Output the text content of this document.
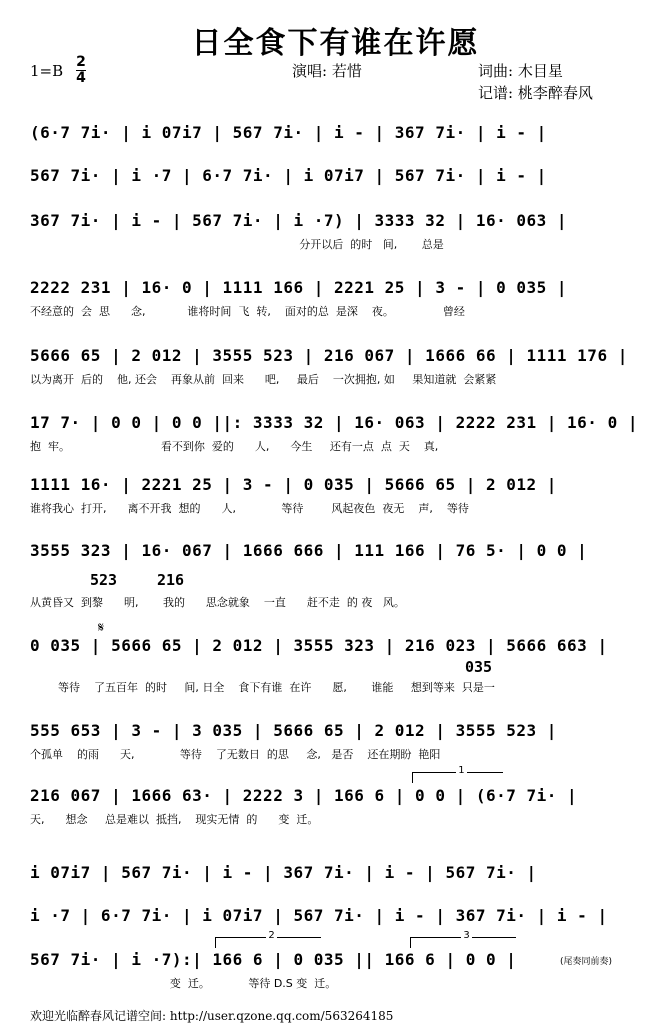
日全食下有谁在许愿
1=B 2
4	演唱: 若惜	词曲: 木目星
记谱: 桃李醉春风
(6·7 7i· | i 07i7 | 567 7i· | i - | 367 7i· | i - |
567 7i· | i ·7 | 6·7 7i· | i 07i7 | 567 7i· | i - |
367 7i· | i - | 567 7i· | i ·7) | 3333 32 | 16· 063 |
分开以后  的时   间,       总是
2222 231 | 16· 0 | 1111 166 | 2221 25 | 3 - | 0 035 |
不经意的  会  思      念,            谁将时间  飞  转,    面对的总  是深    夜。              曾经
5666 65 | 2 012 | 3555 523 | 216 067 | 1666 66 | 1111 176 |
以为离开  后的    他, 还会    再象从前  回来      吧,     最后    一次拥抱, 如     果知道就  会紧紧
17 7· | 0 0 | 0 0 ||: 3333 32 | 16· 063 | 2222 231 | 16· 0 |
抱  牢。                          看不到你  爱的      人,      今生     还有一点  点  天    真,
1111 16· | 2221 25 | 3 - | 0 035 | 5666 65 | 2 012 |
谁将我心  打开,      离不开我  想的      人,             等待        风起夜色  夜无    声,    等待
3555 323 | 16· 067 | 1666 666 | 111 166 | 76 5· | 0 0 |
从黄昏又  到黎      明,       我的      思念就象    一直      赶不走  的 夜   风。
523	216
𝄋
0 035 | 5666 65 | 2 012 | 3555 323 | 216 023 | 5666 663 |
等待    了五百年  的时     间, 日全    食下有谁  在许      愿,       谁能     想到等来  只是一
035
555 653 | 3 - | 3 035 | 5666 65 | 2 012 | 3555 523 |
个孤单    的雨      天,             等待    了无数日  的思     念,   是否    还在期盼  艳阳
1
216 067 | 1666 63· | 2222 3 | 166 6 | 0 0 | (6·7 7i· |
天,      想念     总是难以  抵挡,    现实无情  的      变  迁。
i 07i7 | 567 7i· | i - | 367 7i· | i - | 567 7i· |
i ·7 | 6·7 7i· | i 07i7 | 567 7i· | i - | 367 7i· | i - |
2	3
567 7i· | i ·7):| 166 6 | 0 035 || 166 6 | 0 0 |
变  迁。           等待 D.S 变  迁。
(尾奏同前奏)
欢迎光临醉春风记谱空间: http://user.qzone.qq.com/563264185
